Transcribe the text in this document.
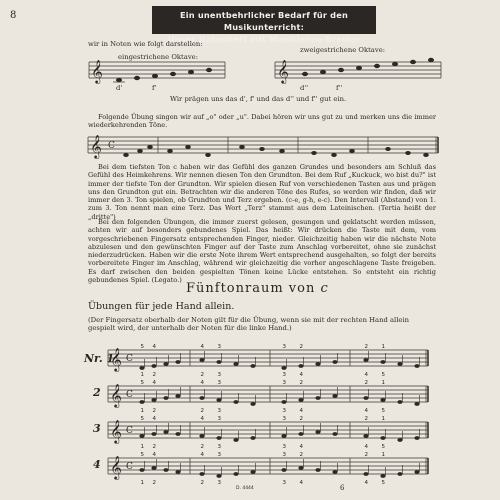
8	Ein unentbehrlicher Bedarf für den Musikunterricht:
Unser Notenheft mit Musiklehre-Brevier
wir in Noten wie folgt darstellen:
eingestrichene Oktave:
zweigestrichene Oktave:
𝄞	𝄞
d'	f'	d''	f''
Wir prägen uns das d', f' und das d'' und f'' gut ein.
Folgende Übung singen wir auf „o" oder „u". Dabei hören wir uns gut zu und merken uns die immer wiederkehrenden Töne.
𝄞 C
Bei dem tiefsten Ton c haben wir das Gefühl des ganzen Grundes und besonders am Schluß das Gefühl des Heimkehrens. Wir nennen diesen Ton den Grundton. Bei dem Ruf „Kuckuck, wo bist du?" ist immer der tiefste Ton der Grundton. Wir spielen diesen Ruf von verschiedenen Tasten aus und prägen uns den Grundton gut ein. Betrachten wir die anderen Töne des Rufes, so werden wir finden, daß wir immer den 3. Ton spielen, ob Grundton und Terz ergeben. (c-e, g-h, e-c). Den Intervall (Abstand) von 1. zum 3. Ton nennt man eine Terz. Das Wort „Terz" stammt aus dem Lateinischen. (Tertia heißt der „dritte")
Bei den folgenden Übungen, die immer zuerst gelesen, gesungen und geklatscht werden müssen, achten wir auf besonders gebundenes Spiel. Das heißt: Wir drücken die Taste mit dem, vom vorgeschriebenen Fingersatz entsprechenden Finger, nieder. Gleichzeitig haben wir die nächste Note abzulesen und den gewünschten Finger auf der Taste zum Anschlag vorbereitet, ohne sie zunächst niederzudrücken. Haben wir die erste Note ihrem Wert entsprechend ausgehalten, so folgt der bereits vorbereitete Finger im Anschlag, während wir gleichzeitig die vorher angeschlagene Taste freigeben. Es darf zwischen den beiden gespielten Tönen keine Lücke entstehen. So entsteht ein richtig gebundenes Spiel. (Legato.)
Fünftonraum von c
Übungen für jede Hand allein.
(Der Fingersatz oberhalb der Noten gilt für die Übung, wenn sie mit der rechten Hand allein gespielt wird, der unterhalb der Noten für die linke Hand.)
Nr. 1
2
3
4
𝄞
𝄞
𝄞
𝄞
C
C
C
C
5
1
4
2
4
2
3
3
3
3
2
4
2
4
1
5
5
1
4
2
4
2
3
3
3
3
2
4
2
4
1
5
5
1
4
2
4
2
3
3
3
3
2
4
2
4
1
5
5
1
4
2
4
2
3
3
3
3
2
4
2
4
1
5
D. 4444	6
